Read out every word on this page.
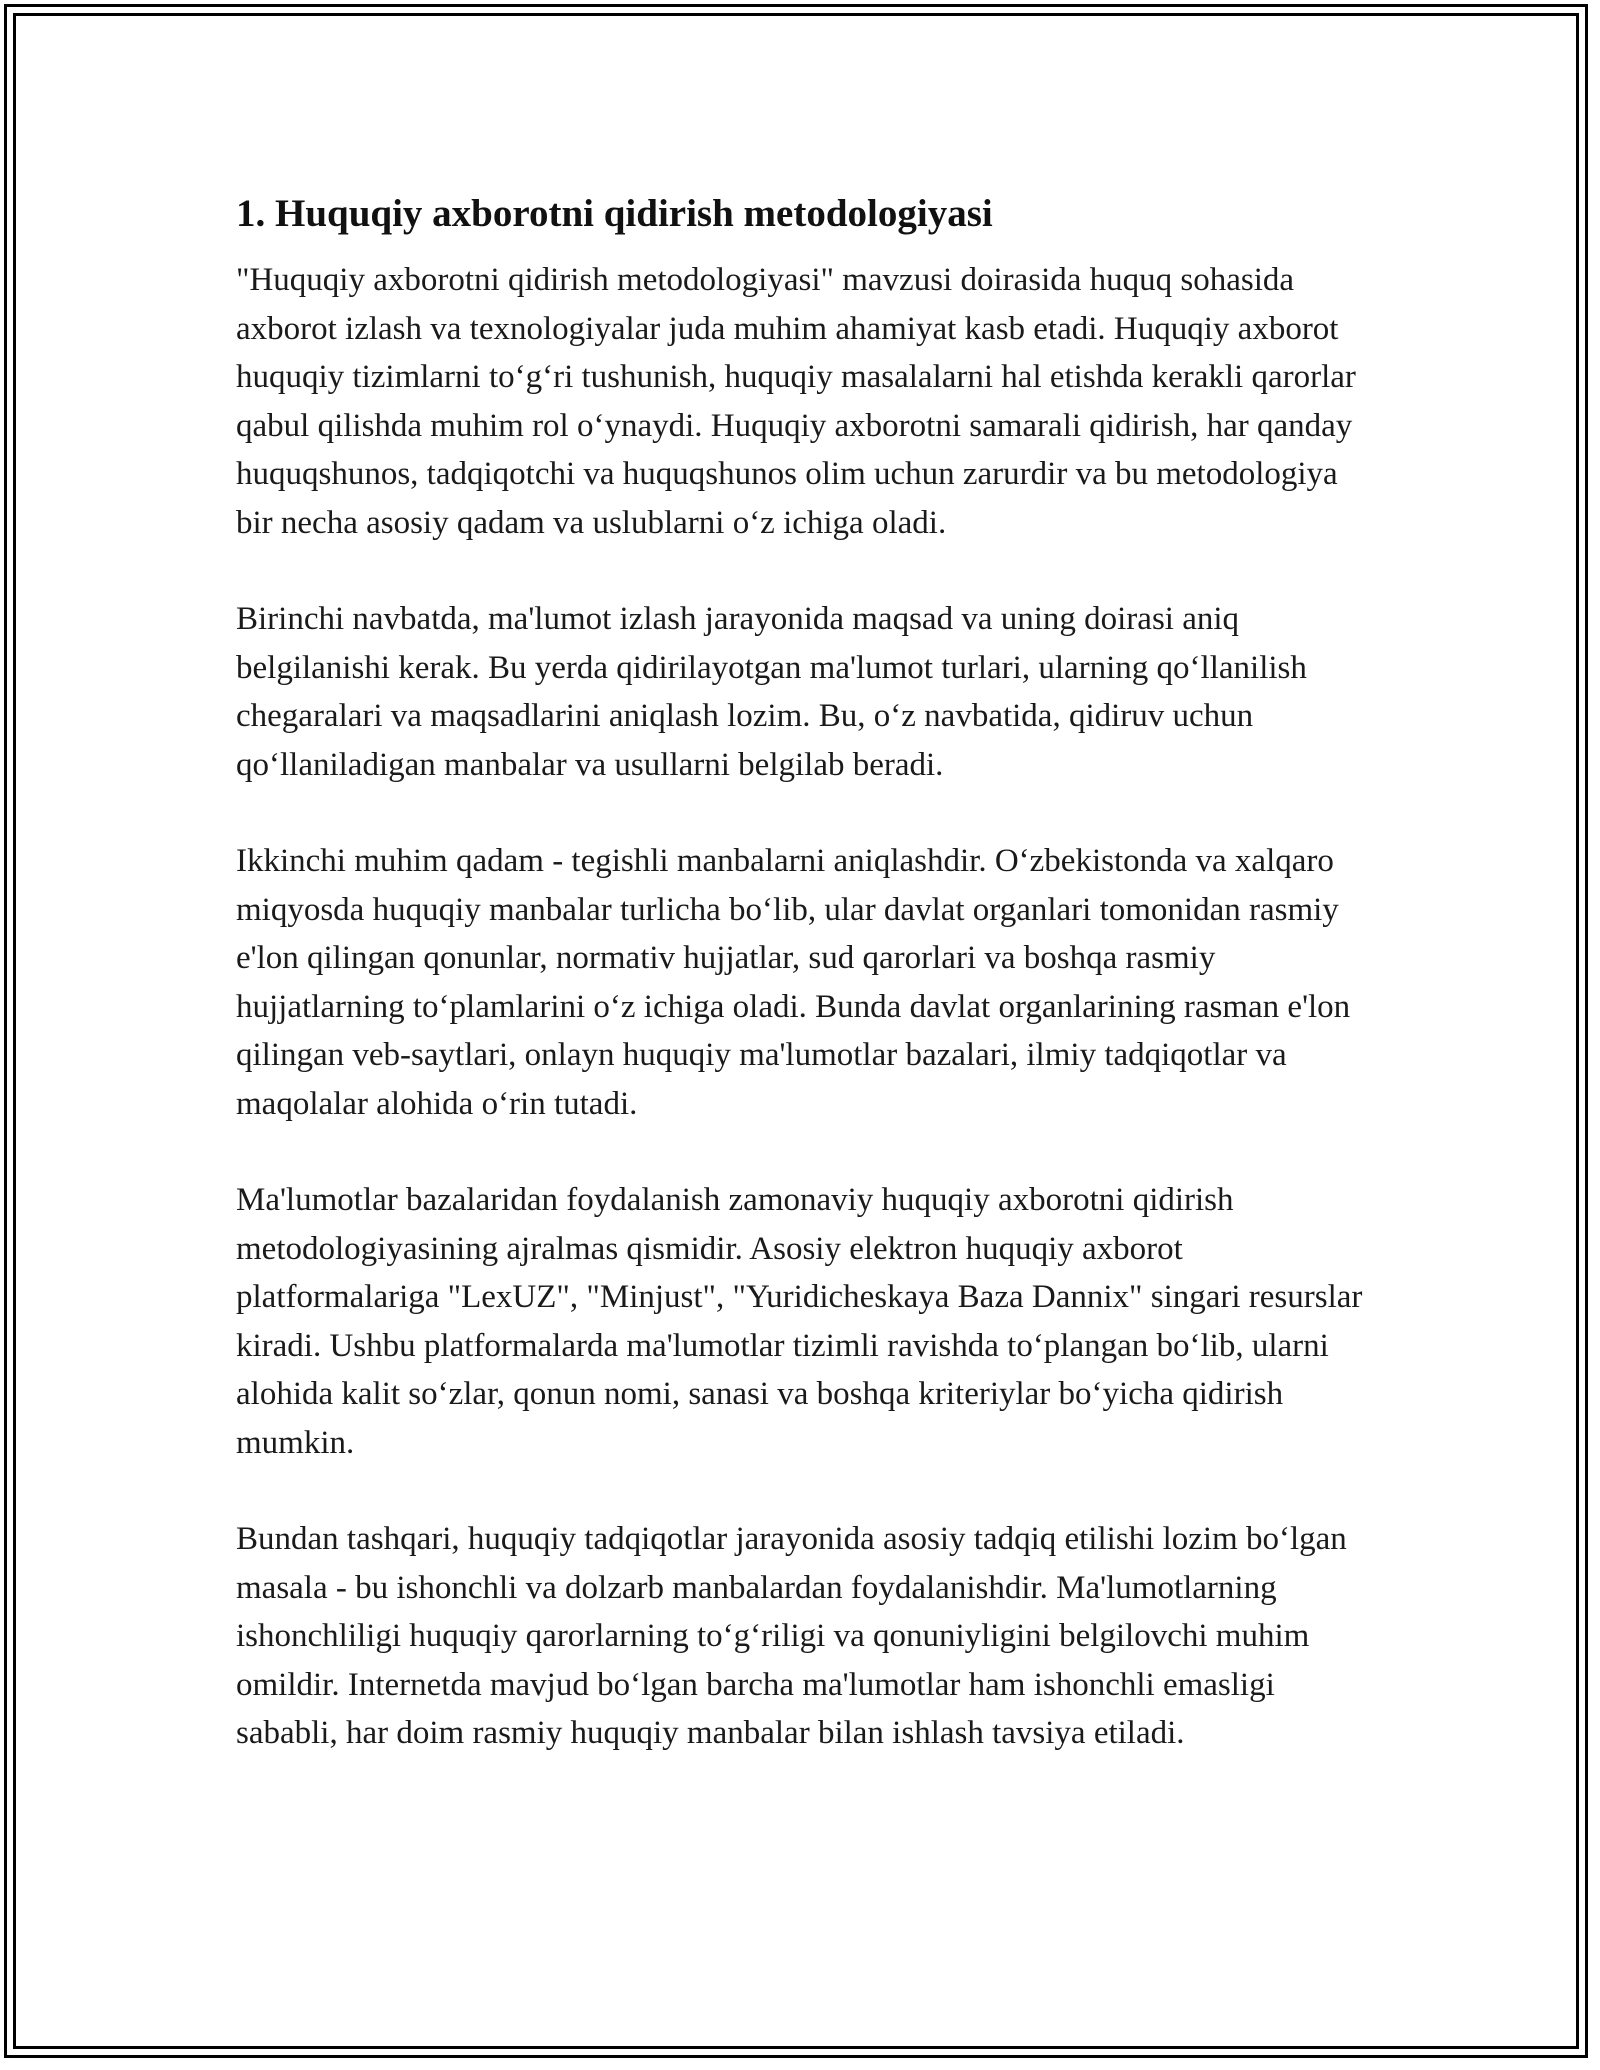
1. Huquqiy axborotni qidirish metodologiyasi

"Huquqiy axborotni qidirish metodologiyasi" mavzusi doirasida huquq sohasida axborot izlash va texnologiyalar juda muhim ahamiyat kasb etadi. Huquqiy axborot huquqiy tizimlarni to‘g‘ri tushunish, huquqiy masalalarni hal etishda kerakli qarorlar qabul qilishda muhim rol o‘ynaydi. Huquqiy axborotni samarali qidirish, har qanday huquqshunos, tadqiqotchi va huquqshunos olim uchun zarurdir va bu metodologiya bir necha asosiy qadam va uslublarni o‘z ichiga oladi.

Birinchi navbatda, ma'lumot izlash jarayonida maqsad va uning doirasi aniq belgilanishi kerak. Bu yerda qidirilayotgan ma'lumot turlari, ularning qo‘llanilish chegaralari va maqsadlarini aniqlash lozim. Bu, o‘z navbatida, qidiruv uchun qo‘llaniladigan manbalar va usullarni belgilab beradi.

Ikkinchi muhim qadam - tegishli manbalarni aniqlashdir. O‘zbekistonda va xalqaro miqyosda huquqiy manbalar turlicha bo‘lib, ular davlat organlari tomonidan rasmiy e'lon qilingan qonunlar, normativ hujjatlar, sud qarorlari va boshqa rasmiy hujjatlarning to‘plamlarini o‘z ichiga oladi. Bunda davlat organlarining rasman e'lon qilingan veb-saytlari, onlayn huquqiy ma'lumotlar bazalari, ilmiy tadqiqotlar va maqolalar alohida o‘rin tutadi.

Ma'lumotlar bazalaridan foydalanish zamonaviy huquqiy axborotni qidirish metodologiyasining ajralmas qismidir. Asosiy elektron huquqiy axborot platformalariga "LexUZ", "Minjust", "Yuridicheskaya Baza Dannix" singari resurslar kiradi. Ushbu platformalarda ma'lumotlar tizimli ravishda to‘plangan bo‘lib, ularni alohida kalit so‘zlar, qonun nomi, sanasi va boshqa kriteriylar bo‘yicha qidirish mumkin.

Bundan tashqari, huquqiy tadqiqotlar jarayonida asosiy tadqiq etilishi lozim bo‘lgan masala - bu ishonchli va dolzarb manbalardan foydalanishdir. Ma'lumotlarning ishonchliligi huquqiy qarorlarning to‘g‘riligi va qonuniyligini belgilovchi muhim omildir. Internetda mavjud bo‘lgan barcha ma'lumotlar ham ishonchli emasligi sababli, har doim rasmiy huquqiy manbalar bilan ishlash tavsiya etiladi.
